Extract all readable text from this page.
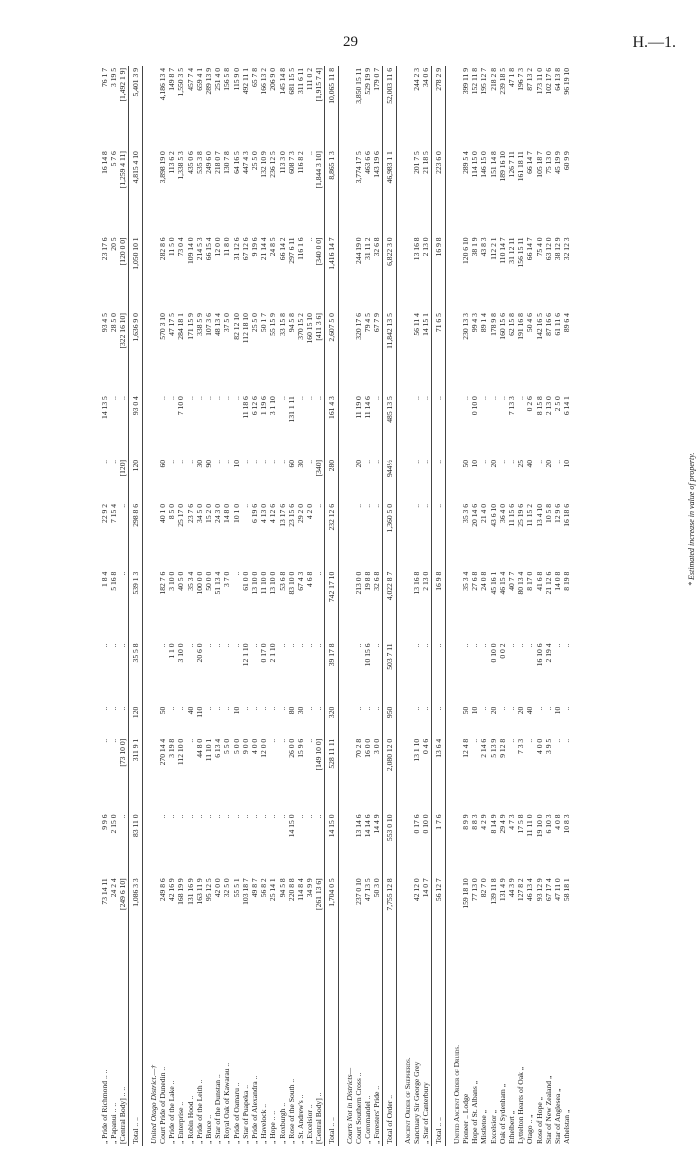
29	H.—1.
„ Pride of Richmond .. ..	73 14 11	9 9 6	..	..	..	1 8 4	22 9 2	..	14 13 5	93 4 5	23 17 6	16 14 8	76 1 7
„ Papanui .. ..	24 2 4	2 15 0	..	..	..	5 16 8	7 15 4	..	..	28 5 0	20 5	5 7 6	3 19 5
[Central Body] .. ..	[249 6 10]	..	[73 10 0]	..	..	..	..	[120]	..	[322 16 10]	[120 0 0]	[1,259 4 11]	[1,492 1 9]
Total .. ..	1,086 3 3	83 11 0	311 9 1	120	35 5 8	539 1 3	298 8 6	120	93 0 4	1,636 9 0	1,050 10 1	4,815 4 10	5,401 3 9
United Otago District.—†													
Court Pride of Dunedin ..	249 8 6	..	270 14 4	50	..	182 7 6	40 1 0	60	..	570 3 10	282 8 6	3,898 19 0	4,186 13 4
„ Pride of the Lake ..	42 16 9	..	3 19 8	..	1 1 0	3 10 0	8 5 0	..	..	47 17 5	11 5 0	113 6 2	149 8 7
„ Enterprise ..	168 19 9	..	112 10 0	..	3 10 0	40 5 0	25 17 0	..	7 10 0	284 18 1	73 0 4	1,338 5 3	1,550 3 5
„ Robin Hood ..	131 16 9	..	..	40	..	35 3 4	23 7 6	..	..	171 15 9	109 14 0	435 0 6	457 7 4
„ Pride of the Leith ..	163 11 9	..	44 8 0	110	20 6 0	100 0 0	34 5 0	30	..	338 5 9	214 5 3	535 3 8	659 4 1
„ Bruce ..	95 12 5	..	11 10 1	..	..	50 0 0	15 2 0	90	..	107 3 6	66 15 4	249 6 0	289 13 9
„ Star of the Dunstan ..	42 0 0	..	6 13 4	..	..	51 13 4	24 3 0	..	..	48 13 4	12 0 0	218 0 7	251 4 0
„ Royal Oak of Kawarau ..	32 5 0	..	5 5 0	..	..	3 7 0	14 8 0	..	..	37 5 0	11 8 0	130 7 8	156 5 8
„ Pride of Oamaru ..	55 5 1	..	5 0 0	10	..	..	10 1 0	10	..	82 12 10	31 12 6	64 16 5	115 9 0
„ Star of Puapeka ..	103 18 7	..	9 0 0	..	12 1 10	61 0 0	..	..	11 18 6	112 18 10	67 12 6	447 4 3	492 11 1
„ Pride of Alexandra ..	49 8 7	..	4 0 0	..	..	13 10 0	6 19 6	..	6 12 6	25 5 0	9 19 6	25 5 0	65 7 8
„ Havelock ..	56 8 2	..	12 0 0	..	0 17 0	11 10 0	4 13 0	..	1 19 6	50 1 7	21 14 4	132 10 9	166 13 2
„ Hope .. ..	25 14 1	..	..	..	2 1 10	13 10 0	4 12 6	..	3 1 10	55 15 9	24 8 5	236 12 5	206 9 0
„ Roxburgh ..	94 5 8	..	..	..	..	53 6 8	13 17 6	..	..	33 15 8	66 14 2	113 3 0	145 14 8
„ Rose of the South ..	220 8 8	14 15 0	26 0 0	80	..	83 10 0	23 15 6	60	131 1 11	94 5 8	297 6 11	608 7 3	681 15 5
„ St. Andrew's ..	114 8 4	..	15 9 6	30	..	67 4 3	29 2 0	30	..	370 15 2	116 1 6	116 8 2	311 6 11
„ Excelsior ..	34 9 9	..	..	..	..	4 6 8	4 2 0	..	..	160 15 10	..	..	111 0 2
[Central Body] ..	[261 13 6]	..	[149 10 0]	..	..	..	..	[340]	..	[411 3 6]	[340 0 0]	[1,844 3 10]	[1,915 7 4]
Total .. ..	1,704 0 5	14 15 0	528 11 11	320	39 17 8	742 17 10	232 12 6	280	161 4 3	2,607 5 0	1,416 14 7	8,865 1 3	10,065 11 8
Courts Not in Districts—													
Court Southern Cross ..	237 0 10	13 14 6	70 2 8	..	..	213 0 0	..	20	11 19 0	320 17 6	244 19 0	3,774 17 5	3,850 15 11
„ Coromandel ..	47 13 5	14 14 6	16 0 0	..	10 15 6	19 8 8	..	..	11 14 6	79 4 5	31 11 2	463 6 6	529 19 9
„ Foresters' Pride ..	50 3 0	14 4 9	3 0 0	..	..	32 6 8	..	..	..	67 7 9	32 6 8	143 19 6	179 0 7
Total of Order ..	7,755 12 8	553 0 10	2,080 12 0	950	503 7 11	4,022 8 7	1,360 5 0	944½	485 13 5	11,842 13 5	6,822 3 0	46,983 1 1	52,003 11 6
Ancient Order of Shepherds.													
Sanctuary Sir George Grey	42 12 0	0 17 6	13 1 10	..	..	13 16 8	..	..	..	56 11 4	13 16 8	201 7 5	244 2 3
„ Star of Canterbury	14 0 7	0 10 0	0 4 6	..	..	2 13 0	..	..	..	14 15 1	2 13 0	21 18 5	34 0 6
Total .. ..	56 12 7	1 7 6	13 6 4	..	..	16 9 8	..	..	..	71 6 5	16 9 8	223 6 0	278 2 9
United Ancient Order of Druids.													
Pioneer .. Lodge	159 18 10	8 9 9	12 4 8	50	..	35 3 4	35 3 6	50	..	230 13 3	120 6 10	289 5 4	399 11 9
Hope of St. Albans „	77 13 0	8 8 3	..	10	..	27 6 8	20 14 6	10	0 10 0	99 4 3	38 1 9	114 15 0	152 11 8
Mistletoe „	82 7 0	4 2 9	2 14 6	..	..	24 0 8	21 4 0	..	..	89 1 4	43 8 3	146 15 0	195 12 7
Excelsior „	139 11 8	8 14 9	5 13 9	20	0 10 0	45 16 1	43 6 10	20	..	178 9 8	112 2 1	151 14 8	218 2 8
Oak of Sydenham „	131 4 9	29 4 9	9 12 8	..	0 0 2	46 15 4	36 4 0	..	..	160 15 6	110 14 7	189 16 10	239 18 5
Ethelbert „	44 3 9	4 7 3	..	..	..	40 7 7	11 15 6	..	7 13 3	62 15 8	31 12 11	126 7 11	47 1 8
Lyttelton Hearts of Oak „	127 8 2	17 5 8	7 3 3	20	..	80 13 4	25 19 6	25	..	191 16 8	156 15 11	161 18 11	196 7 3
Otago .. „	46 13 4	11 11 0	..	40	..	8 17 0	11 15 2	40	0 2 6	50 4 6	66 14 7	66 14 7	87 13 2
Rose of Hope „	93 12 9	19 10 0	4 0 0	..	16 10 6	41 6 8	13 4 10	..	8 15 8	142 16 5	75 4 0	105 18 7	173 11 0
Star of New Zealand „	67 17 4	6 10 3	3 9 5	..	2 19 4	21 12 6	10 5 8	20	2 13 0	87 16 6	63 12 0	75 13 0	102 17 6
Star of Anglesea „	47 11 0	4 0 8	..	10	..	14 0 8	12 9 6	..	2 5 0	61 11 6	38 12 9	45 19 9	64 13 8
Athelstan „	58 18 1	10 8 3	..	..	..	8 19 8	16 18 6	10	6 14 1	89 6 4	32 12 3	60 9 9	96 19 10
* Estimated increase in value of property.
